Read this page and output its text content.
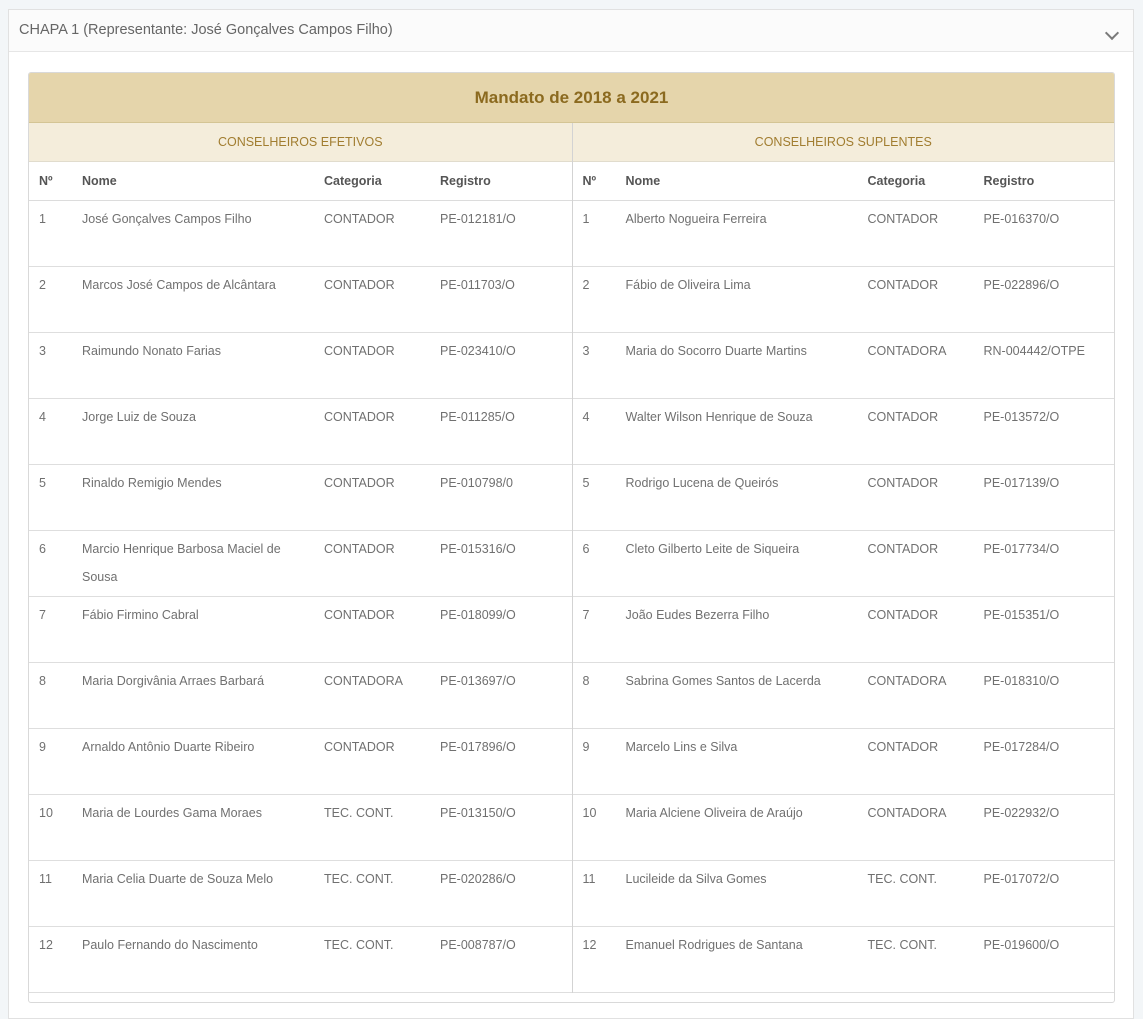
CHAPA 1 (Representante: José Gonçalves Campos Filho)
Mandato de 2018 a 2021
CONSELHEIROS EFETIVOS
Nº	Nome	Categoria	Registro

1	José Gonçalves Campos Filho	CONTADOR	PE-012181/O

2	Marcos José Campos de Alcântara	CONTADOR	PE-011703/O

3	Raimundo Nonato Farias	CONTADOR	PE-023410/O

4	Jorge Luiz de Souza	CONTADOR	PE-011285/O

5	Rinaldo Remigio Mendes	CONTADOR	PE-010798/0

6	Marcio Henrique Barbosa Maciel de Sousa	CONTADOR	PE-015316/O

7	Fábio Firmino Cabral	CONTADOR	PE-018099/O

8	Maria Dorgivânia Arraes Barbará	CONTADORA	PE-013697/O

9	Arnaldo Antônio Duarte Ribeiro	CONTADOR	PE-017896/O

10	Maria de Lourdes Gama Moraes	TEC. CONT.	PE-013150/O

11	Maria Celia Duarte de Souza Melo	TEC. CONT.	PE-020286/O

12	Paulo Fernando do Nascimento	TEC. CONT.	PE-008787/O
CONSELHEIROS SUPLENTES
Nº	Nome	Categoria	Registro

1	Alberto Nogueira Ferreira	CONTADOR	PE-016370/O

2	Fábio de Oliveira Lima	CONTADOR	PE-022896/O

3	Maria do Socorro Duarte Martins	CONTADORA	RN-004442/OTPE

4	Walter Wilson Henrique de Souza	CONTADOR	PE-013572/O

5	Rodrigo Lucena de Queirós	CONTADOR	PE-017139/O

6	Cleto Gilberto Leite de Siqueira	CONTADOR	PE-017734/O

7	João Eudes Bezerra Filho	CONTADOR	PE-015351/O

8	Sabrina Gomes Santos de Lacerda	CONTADORA	PE-018310/O

9	Marcelo Lins e Silva	CONTADOR	PE-017284/O

10	Maria Alciene Oliveira de Araújo	CONTADORA	PE-022932/O

11	Lucileide da Silva Gomes	TEC. CONT.	PE-017072/O

12	Emanuel Rodrigues de Santana	TEC. CONT.	PE-019600/O
